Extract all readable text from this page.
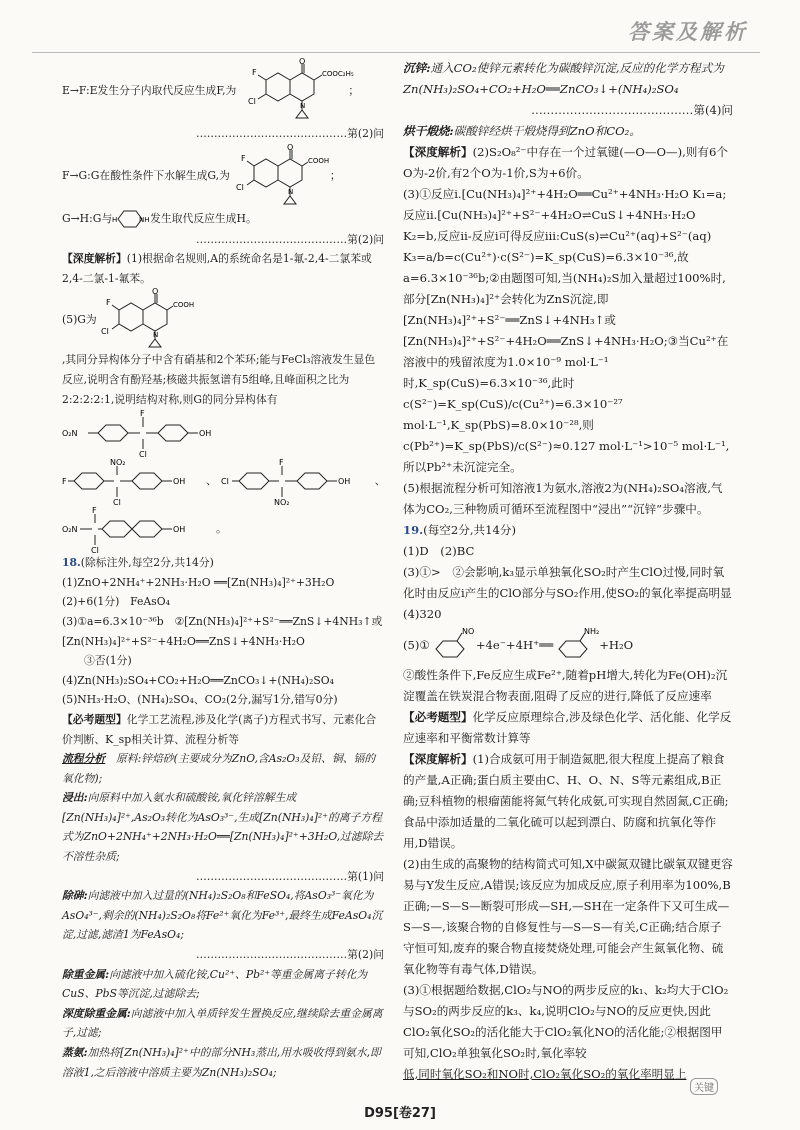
答案及解析
E→F:E发生分子内取代反应生成F,为
O
COOC₂H₅
N
F
Cl
；
……………………………………第(2)问
F→G:G在酸性条件下水解生成G,为
O
COOH
N
F
Cl
；
G→H:G与 H	NH 发生取代反应生成H。
……………………………………第(2)问

【深度解析】(1)根据命名规则,A的系统命名是1-氟-2,4-二氯苯或2,4-二氯-1-氟苯。

(5)G为
O
COOH
N
F
Cl

,其同分异构体分子中含有硝基和2个苯环;能与FeCl₃溶液发生显色反应,说明含有酚羟基;核磁共振氢谱有5组峰,且峰面积之比为2:2:2:2:1,说明结构对称,则G的同分异构体有

O₂N
F
Cl
OH
F
NO₂
Cl
OH 、 Cl
F
NO₂
OH 、
O₂N
F
Cl
OH	。

18.(除标注外,每空2分,共14分)

(1)ZnO+2NH₄⁺+2NH₃·H₂O ══[Zn(NH₃)₄]²⁺+3H₂O

(2)+6(1分)　FeAsO₄

(3)①a=6.3×10⁻³⁶b　②[Zn(NH₃)₄]²⁺+S²⁻══ZnS↓+4NH₃↑或[Zn(NH₃)₄]²⁺+S²⁻+4H₂O══ZnS↓+4NH₃·H₂O

③否(1分)

(4)Zn(NH₃)₂SO₄+CO₂+H₂O══ZnCO₃↓+(NH₄)₂SO₄

(5)NH₃·H₂O、(NH₄)₂SO₄、CO₂(2分,漏写1分,错写0分)

【必考题型】化学工艺流程,涉及化学(离子)方程式书写、元素化合价判断、K_sp相关计算、流程分析等

流程分析　 原料:锌焙砂(主要成分为ZnO,含As₂O₃及铅、铜、镉的氧化物);

浸出:向原料中加入氨水和硫酸铵,氧化锌溶解生成[Zn(NH₃)₄]²⁺,As₂O₃转化为AsO₃³⁻,生成[Zn(NH₃)₄]²⁺的离子方程式为ZnO+2NH₄⁺+2NH₃·H₂O══[Zn(NH₃)₄]²⁺+3H₂O,过滤除去不溶性杂质;

……………………………………第(1)问

除砷:向滤液中加入过量的(NH₄)₂S₂O₈和FeSO₄,将AsO₃³⁻氧化为AsO₄³⁻,剩余的(NH₄)₂S₂O₈将Fe²⁺氧化为Fe³⁺,最终生成FeAsO₄沉淀,过滤,滤渣1为FeAsO₄;

……………………………………第(2)问

除重金属:向滤液中加入硫化铵,Cu²⁺、Pb²⁺等重金属离子转化为CuS、PbS等沉淀,过滤除去;

深度除重金属:向滤液中加入单质锌发生置换反应,继续除去重金属离子,过滤;

蒸氨:加热将[Zn(NH₃)₄]²⁺中的部分NH₃蒸出,用水吸收得到氨水,即溶液1,之后溶液中溶质主要为Zn(NH₃)₂SO₄;

沉锌:通入CO₂使锌元素转化为碳酸锌沉淀,反应的化学方程式为Zn(NH₃)₂SO₄+CO₂+H₂O══ZnCO₃↓+(NH₄)₂SO₄

……………………………………第(4)问

烘干煅烧:碳酸锌经烘干煅烧得到ZnO和CO₂。

【深度解析】(2)S₂O₈²⁻中存在一个过氧键(—O—O—),则有6个O为-2价,有2个O为-1价,S为+6价。

(3)①反应ⅰ.[Cu(NH₃)₄]²⁺+4H₂O══Cu²⁺+4NH₃·H₂O K₁=a;反应ⅱ.[Cu(NH₃)₄]²⁺+S²⁻+4H₂O⇌CuS↓+4NH₃·H₂O K₂=b,反应ⅱ-反应ⅰ可得反应ⅲ:CuS(s)⇌Cu²⁺(aq)+S²⁻(aq) K₃=a/b=c(Cu²⁺)·c(S²⁻)=K_sp(CuS)=6.3×10⁻³⁶,故a=6.3×10⁻³⁶b;②由题图可知,当(NH₄)₂S加入量超过100%时,部分[Zn(NH₃)₄]²⁺会转化为ZnS沉淀,即[Zn(NH₃)₄]²⁺+S²⁻══ZnS↓+4NH₃↑或[Zn(NH₃)₄]²⁺+S²⁻+4H₂O══ZnS↓+4NH₃·H₂O;③当Cu²⁺在溶液中的残留浓度为1.0×10⁻⁹ mol·L⁻¹时,K_sp(CuS)=6.3×10⁻³⁶,此时c(S²⁻)=K_sp(CuS)/c(Cu²⁺)=6.3×10⁻²⁷ mol·L⁻¹,K_sp(PbS)=8.0×10⁻²⁸,则c(Pb²⁺)=K_sp(PbS)/c(S²⁻)≈0.127 mol·L⁻¹>10⁻⁵ mol·L⁻¹,所以Pb²⁺未沉淀完全。

(5)根据流程分析可知溶液1为氨水,溶液2为(NH₄)₂SO₄溶液,气体为CO₂,三种物质可循环至流程图中“浸出”“沉锌”步骤中。

19.(每空2分,共14分)

(1)D　(2)BC

(3)①>　②会影响,k₃显示单独氧化SO₂时产生ClO过慢,同时氧化时由反应ⅰ产生的ClO部分与SO₂作用,使SO₂的氧化率提高明显

(4)320

(5)①
NO
+4e⁻+4H⁺══
NH₂
+H₂O

②酸性条件下,Fe反应生成Fe²⁺,随着pH增大,转化为Fe(OH)₂沉淀覆盖在铁炭混合物表面,阻碍了反应的进行,降低了反应速率

【必考题型】化学反应原理综合,涉及绿色化学、活化能、化学反应速率和平衡常数计算等

【深度解析】(1)合成氨可用于制造氮肥,很大程度上提高了粮食的产量,A正确;蛋白质主要由C、H、O、N、S等元素组成,B正确;豆科植物的根瘤菌能将氮气转化成氨,可实现自然固氮,C正确;食品中添加适量的二氧化硫可以起到漂白、防腐和抗氧化等作用,D错误。

(2)由生成的高聚物的结构简式可知,X中碳氮双键比碳氧双键更容易与Y发生反应,A错误;该反应为加成反应,原子利用率为100%,B正确;—S—S—断裂可形成—SH,—SH在一定条件下又可生成—S—S—,该聚合物的自修复性与—S—S—有关,C正确;结合原子守恒可知,废弃的聚合物直接焚烧处理,可能会产生氮氧化物、硫氧化物等有毒气体,D错误。

(3)①根据题给数据,ClO₂与NO的两步反应的k₁、k₂均大于ClO₂与SO₂的两步反应的k₃、k₄,说明ClO₂与NO的反应更快,因此ClO₂氧化SO₂的活化能大于ClO₂氧化NO的活化能;②根据图甲可知,ClO₂单独氧化SO₂时,氧化率较

低,同时氧化SO₂和NO时,ClO₂氧化SO₂的氧化率明显上

关键
D95[卷27]
